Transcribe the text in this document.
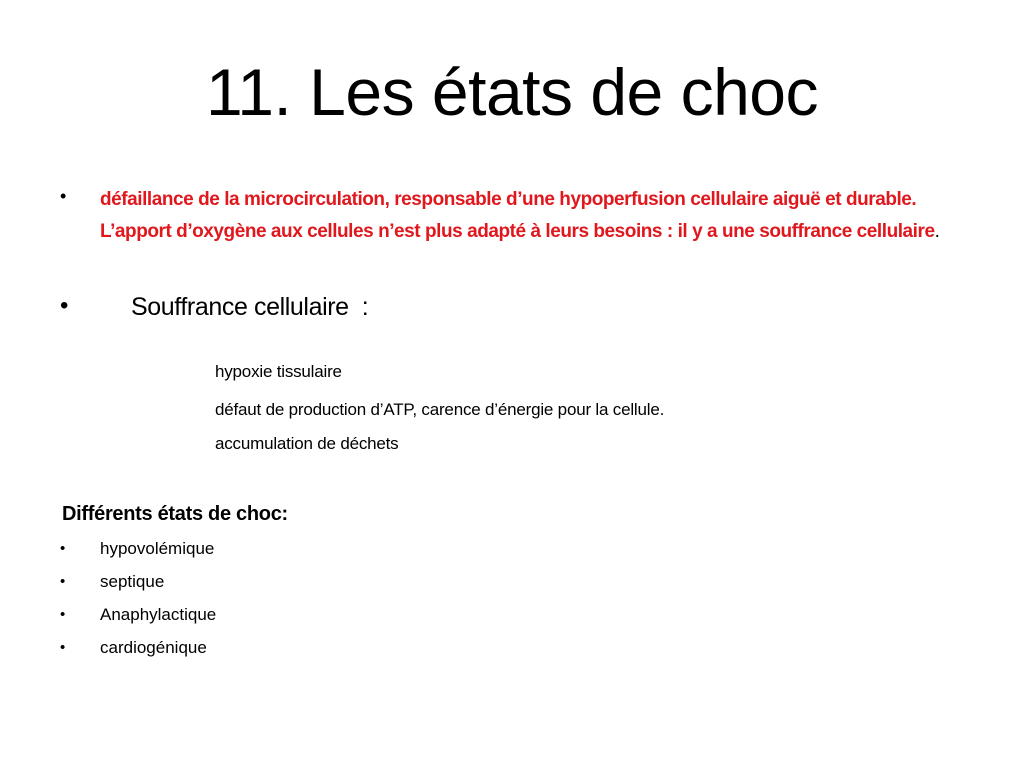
11. Les états de choc
• défaillance de la microcirculation, responsable d’une hypoperfusion cellulaire aiguë et durable. L’apport d’oxygène aux cellules n’est plus adapté à leurs besoins : il y a une souffrance cellulaire.
•	Souffrance cellulaire  :
hypoxie tissulaire
défaut de production d’ATP, carence d’énergie pour la cellule.
accumulation de déchets
Différents états de choc:
• hypovolémique
• septique
• Anaphylactique
• cardiogénique
